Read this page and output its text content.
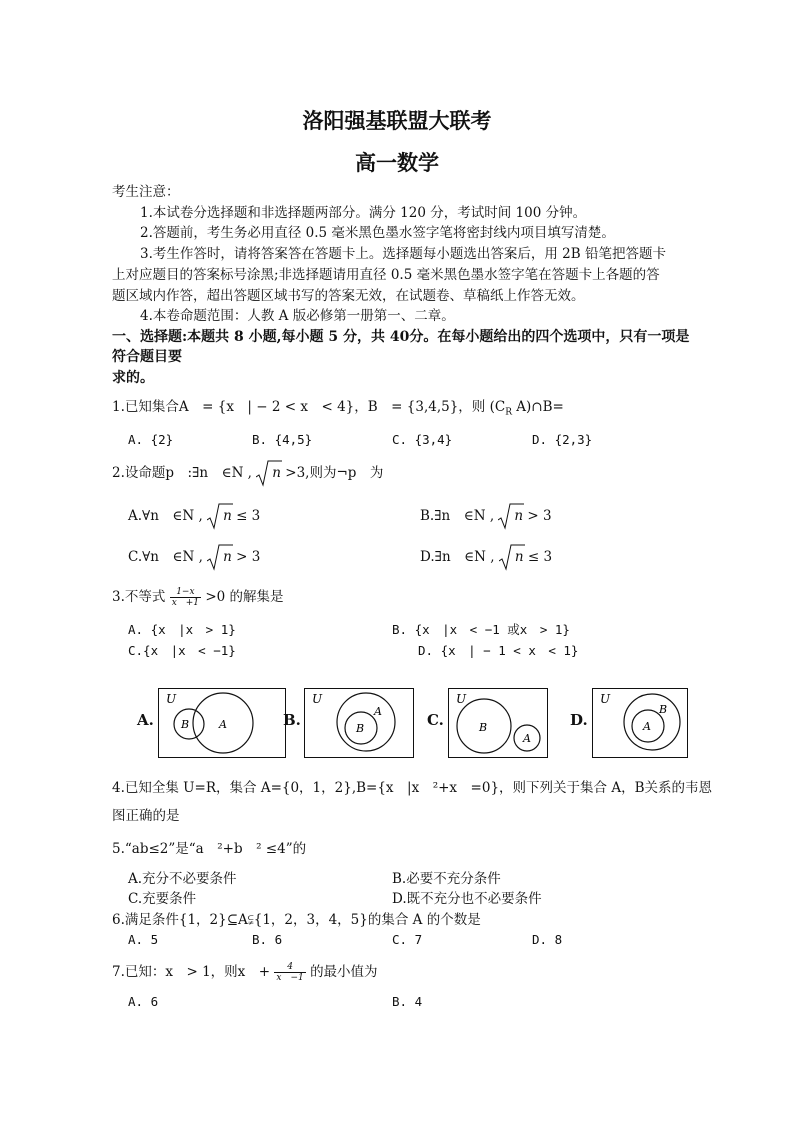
洛阳强基联盟大联考
高一数学
考生注意：
1.本试卷分选择题和非选择题两部分。满分 120 分，考试时间 100 分钟。
2.答题前，考生务必用直径 0.5 毫米黑色墨水签字笔将密封线内项目填写清楚。
3.考生作答时，请将答案答在答题卡上。选择题每小题选出答案后，用 2B 铅笔把答题卡
上对应题目的答案标号涂黑;非选择题请用直径 0.5 毫米黑色墨水签字笔在答题卡上各题的答
题区域内作答，超出答题区域书写的答案无效，在试题卷、草稿纸上作答无效。
4.本卷命题范围：人教 A 版必修第一册第一、二章。
一、选择题:本题共 8 小题,每小题 5 分，共 40分。在每小题给出的四个选项中，只有一项是
符合题目要
求的。
1.已知集合A　= {x　| − 2 < x　< 4}，B　= {3,4,5}，则 ($C_R$ A)∩B=
A. {2}	B. {4,5}	C. {3,4}	D. {2,3}
2.设命题p　:∃n　∈N , n >3,则为¬p　为
A.∀n　∈N , n ≤ 3	B.∃n　∈N , n > 3
C.∀n　∈N , n > 3	D.∃n　∈N , n ≤ 3
3.不等式 $\frac{1-x}{x +1} >0$ 的解集是
A. {x　|x　> 1}	B. {x　|x　< −1 或x　> 1}
C.{x　|x　< −1}	D. {x　| − 1 < x　< 1}
A.
U
B	A	B.
U
A
B	C.
U
B
A
D.
U
B
A
4.已知全集 U=R，集合 A={0，1，2},B={x　|x　²+x　=0}，则下列关于集合 A，B关系的韦恩
图正确的是
5.“ab≤2”是“a　²+b　² ≤4”的
A.充分不必要条件	B.必要不充分条件
C.充要条件	D.既不充分也不必要条件
6.满足条件{1，2}⊆A⫋{1，2，3，4，5}的集合 A 的个数是
A. 5	B. 6	C. 7	D. 8
7.已知：x　> 1，则x　+ $\frac{4}{x -1}$ 的最小值为
A. 6	B. 4
